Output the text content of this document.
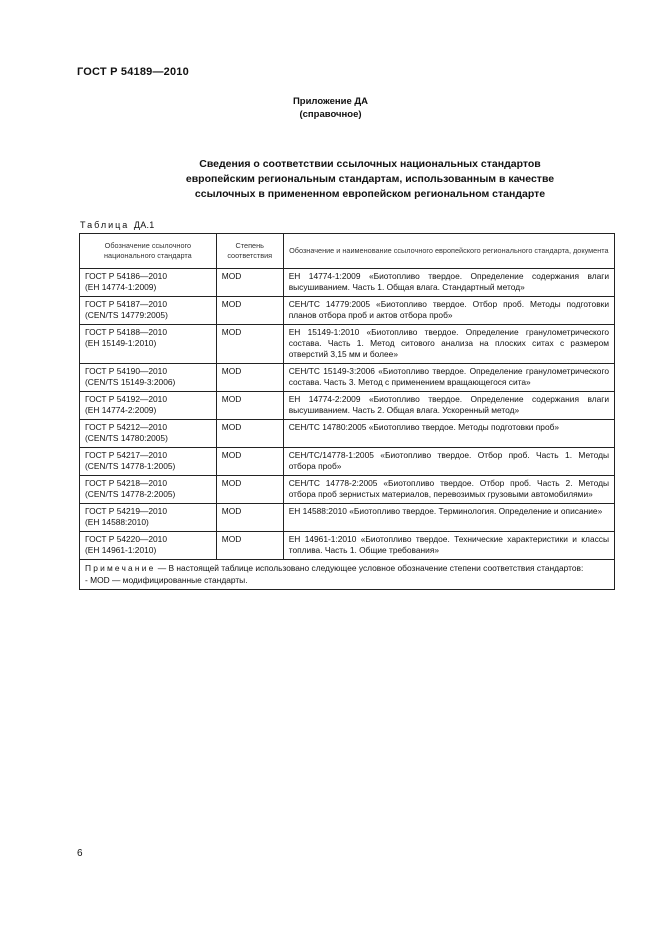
ГОСТ Р 54189—2010
Приложение ДА
(справочное)
Сведения о соответствии ссылочных национальных стандартов
европейским региональным стандартам, использованным в качестве
ссылочных в примененном европейском региональном стандарте
Таблица ДА.1
Обозначение ссылочного национального стандарта	Степень соответствия	Обозначение и наименование ссылочного европейского регионального стандарта, документа

ГОСТ Р 54186—2010
(ЕН 14774-1:2009)	MOD	ЕН 14774-1:2009 «Биотопливо твердое. Определение содержания влаги высушиванием. Часть 1. Общая влага. Стандартный метод»

ГОСТ Р 54187—2010
(CEN/TS 14779:2005)	MOD	CEH/TC 14779:2005 «Биотопливо твердое. Отбор проб. Методы подготовки планов отбора проб и актов отбора проб»

ГОСТ Р 54188—2010
(ЕН 15149-1:2010)	MOD	ЕН 15149-1:2010 «Биотопливо твердое. Определение гранулометрического состава. Часть 1. Метод ситового анализа на плоских ситах с размером отверстий 3,15 мм и более»

ГОСТ Р 54190—2010
(CEN/TS 15149-3:2006)	MOD	CEH/TC 15149-3:2006 «Биотопливо твердое. Определение гранулометрического состава. Часть 3. Метод с применением вращающегося сита»

ГОСТ Р 54192—2010
(ЕН 14774-2:2009)	MOD	ЕН 14774-2:2009 «Биотопливо твердое. Определение содержания влаги высушиванием. Часть 2. Общая влага. Ускоренный метод»

ГОСТ Р 54212—2010
(CEN/TS 14780:2005)	MOD	CEH/TC 14780:2005 «Биотопливо твердое. Методы подготовки проб»

ГОСТ Р 54217—2010
(CEN/TS 14778-1:2005)	MOD	CEH/TC/14778-1:2005 «Биотопливо твердое. Отбор проб. Часть 1. Методы отбора проб»

ГОСТ Р 54218—2010
(CEN/TS 14778-2:2005)	MOD	CEH/TC 14778-2:2005 «Биотопливо твердое. Отбор проб. Часть 2. Методы отбора проб зернистых материалов, перевозимых грузовыми автомобилями»

ГОСТ Р 54219—2010
(ЕН 14588:2010)	MOD	ЕН 14588:2010 «Биотопливо твердое. Терминология. Определение и описание»

ГОСТ Р 54220—2010
(ЕН 14961-1:2010)	MOD	ЕН 14961-1:2010 «Биотопливо твердое. Технические характеристики и классы топлива. Часть 1. Общие требования»
Примечание — В настоящей таблице использовано следующее условное обозначение степени соответствия стандартов:
- MOD — модифицированные стандарты.		
6
